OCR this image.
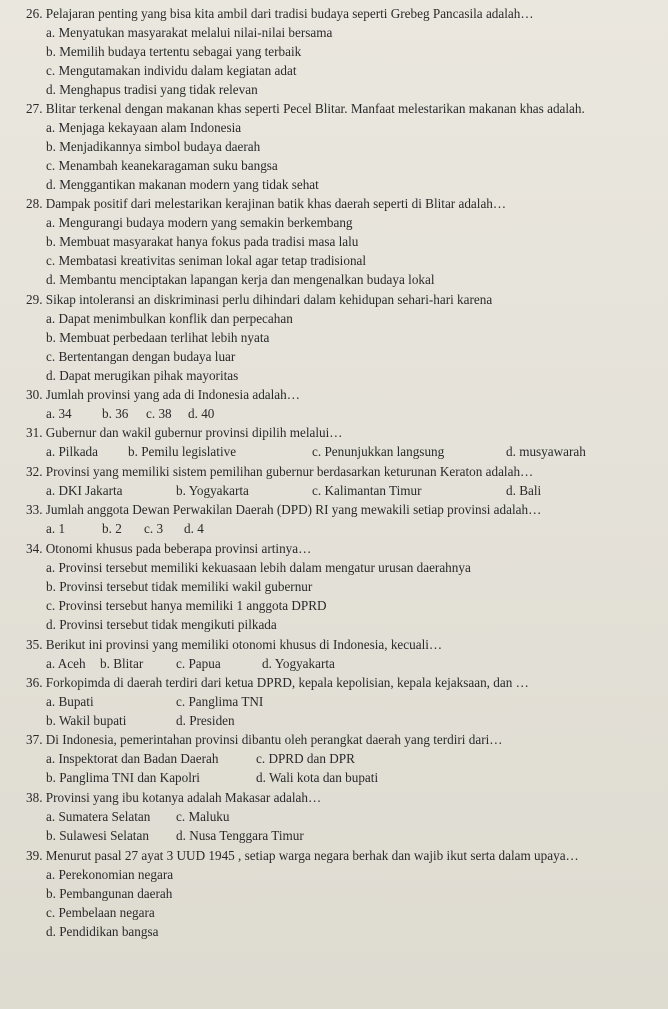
26. Pelajaran penting yang bisa kita ambil dari tradisi budaya seperti Grebeg Pancasila adalah…
a. Menyatukan masyarakat melalui nilai-nilai bersama
b. Memilih budaya tertentu sebagai yang terbaik
c. Mengutamakan individu dalam kegiatan adat
d. Menghapus tradisi yang tidak relevan
27. Blitar terkenal dengan makanan khas seperti Pecel Blitar. Manfaat melestarikan makanan khas adalah.
a. Menjaga kekayaan alam Indonesia
b. Menjadikannya simbol budaya daerah
c. Menambah keanekaragaman suku bangsa
d. Menggantikan makanan modern yang tidak sehat
28. Dampak positif dari melestarikan kerajinan batik khas daerah seperti di Blitar adalah…
a. Mengurangi budaya modern yang semakin berkembang
b. Membuat masyarakat hanya fokus pada tradisi masa lalu
c. Membatasi kreativitas seniman lokal agar tetap tradisional
d. Membantu menciptakan lapangan kerja dan mengenalkan budaya lokal
29. Sikap intoleransi an diskriminasi perlu dihindari dalam kehidupan sehari-hari karena
a. Dapat menimbulkan konflik dan perpecahan
b. Membuat perbedaan terlihat lebih nyata
c. Bertentangan dengan budaya luar
d. Dapat merugikan pihak mayoritas
30. Jumlah provinsi yang ada di Indonesia adalah…
a. 34 b. 36 c. 38 d. 40
31. Gubernur dan wakil gubernur provinsi dipilih melalui…
a. Pilkada b. Pemilu legislative	c. Penunjukkan langsung	d. musyawarah
32. Provinsi yang memiliki sistem pemilihan gubernur berdasarkan keturunan Keraton adalah…
a. DKI Jakarta	b. Yogyakarta	c. Kalimantan Timur	d. Bali
33. Jumlah anggota Dewan Perwakilan Daerah (DPD) RI yang mewakili setiap provinsi adalah…
a. 1	b. 2 c. 3 d. 4
34. Otonomi khusus pada beberapa provinsi artinya…
a. Provinsi tersebut memiliki kekuasaan lebih dalam mengatur urusan daerahnya
b. Provinsi tersebut tidak memiliki wakil gubernur
c. Provinsi tersebut hanya memiliki 1 anggota DPRD
d. Provinsi tersebut tidak mengikuti pilkada
35. Berikut ini provinsi yang memiliki otonomi khusus di Indonesia, kecuali…
a. Aceh b. Blitar c. Papua	d. Yogyakarta
36. Forkopimda di daerah terdiri dari ketua DPRD, kepala kepolisian, kepala kejaksaan, dan …
a. Bupati	c. Panglima TNI
b. Wakil bupati	d. Presiden
37. Di Indonesia, pemerintahan provinsi dibantu oleh perangkat daerah yang terdiri dari…
a. Inspektorat dan Badan Daerah	c. DPRD dan DPR
b. Panglima TNI dan Kapolri	d. Wali kota dan bupati
38. Provinsi yang ibu kotanya adalah Makasar adalah…
a. Sumatera Selatan c. Maluku
b. Sulawesi Selatan d. Nusa Tenggara Timur
39. Menurut pasal 27 ayat 3 UUD 1945 , setiap warga negara berhak dan wajib ikut serta dalam upaya…
a. Perekonomian negara
b. Pembangunan daerah
c. Pembelaan negara
d. Pendidikan bangsa
